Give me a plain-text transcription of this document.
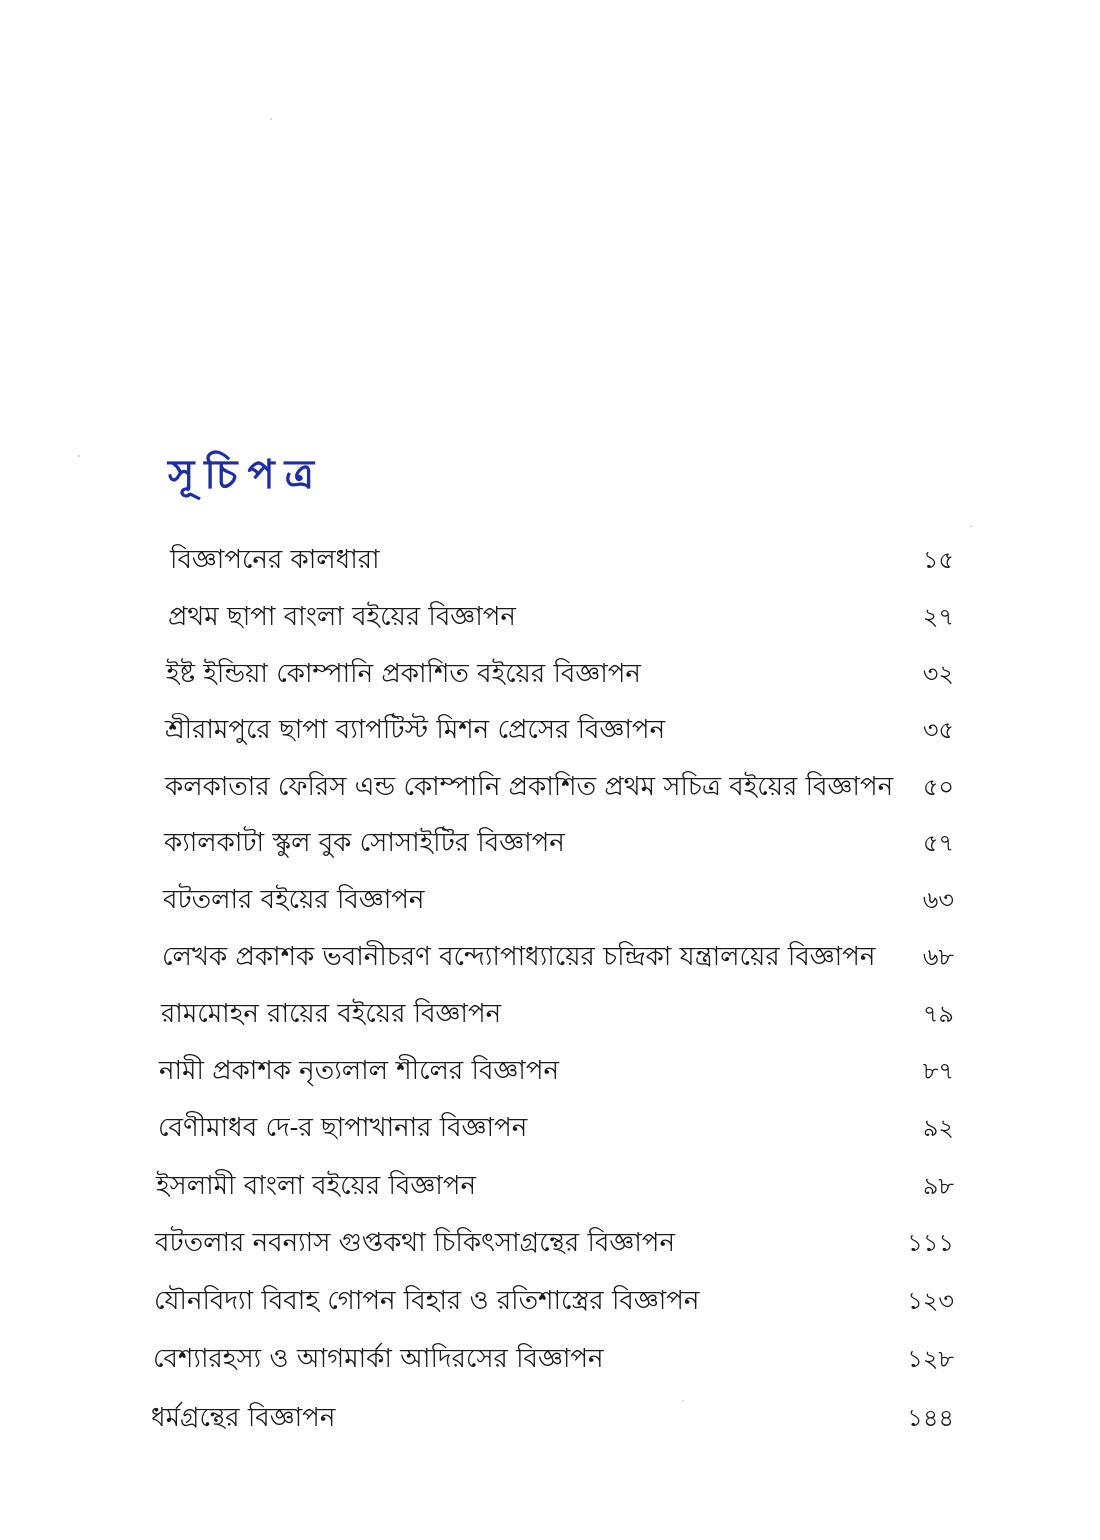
সূচিপত্র
বিজ্ঞাপনের কালধারা	১৫
প্রথম ছাপা বাংলা বইয়ের বিজ্ঞাপন	২৭
ইষ্ট ইন্ডিয়া কোম্পানি প্রকাশিত বইয়ের বিজ্ঞাপন	৩২
শ্রীরামপুরে ছাপা ব্যাপটিস্ট মিশন প্রেসের বিজ্ঞাপন	৩৫
কলকাতার ফেরিস এন্ড কোম্পানি প্রকাশিত প্রথম সচিত্র বইয়ের বিজ্ঞাপন ৫০
ক্যালকাটা স্কুল বুক সোসাইটির বিজ্ঞাপন	৫৭
বটতলার বইয়ের বিজ্ঞাপন	৬৩
লেখক প্রকাশক ভবানীচরণ বন্দ্যোপাধ্যায়ের চন্দ্রিকা যন্ত্রালয়ের বিজ্ঞাপন ৬৮
রামমোহন রায়ের বইয়ের বিজ্ঞাপন	৭৯
নামী প্রকাশক নৃত্যলাল শীলের বিজ্ঞাপন	৮৭
বেণীমাধব দে-র ছাপাখানার বিজ্ঞাপন	৯২
ইসলামী বাংলা বইয়ের বিজ্ঞাপন	৯৮
বটতলার নবন্যাস গুপ্তকথা চিকিৎসাগ্রন্থের বিজ্ঞাপন	১১১
যৌনবিদ্যা বিবাহ গোপন বিহার ও রতিশাস্ত্রের বিজ্ঞাপন	১২৩
বেশ্যারহস্য ও আগমার্কা আদিরসের বিজ্ঞাপন	১২৮
ধর্মগ্রন্থের বিজ্ঞাপন	১৪৪
